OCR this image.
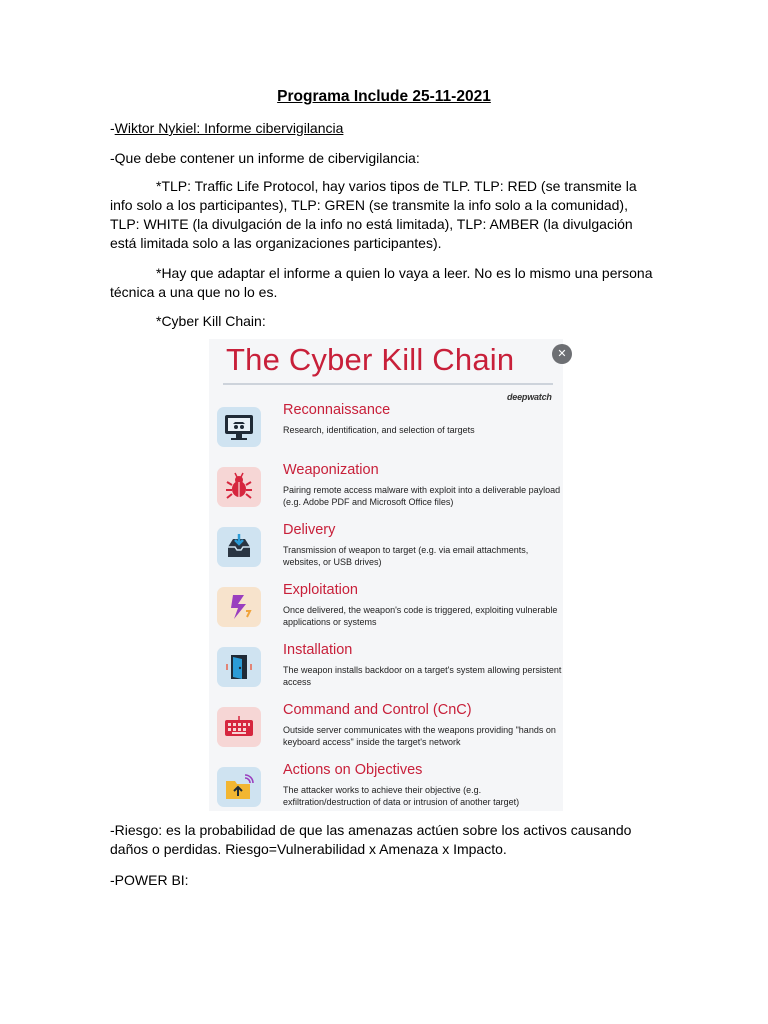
Programa Include 25-11-2021
-Wiktor Nykiel: Informe cibervigilancia
-Que debe contener un informe de cibervigilancia:
*TLP: Traffic Life Protocol, hay varios tipos de TLP. TLP: RED (se transmite la info solo a los participantes), TLP: GREN (se transmite la info solo a la comunidad), TLP: WHITE (la divulgación de la info no está limitada), TLP: AMBER (la divulgación está limitada solo a las organizaciones participantes).
*Hay que adaptar el informe a quien lo vaya a leer. No es lo mismo una persona técnica a una que no lo es.
*Cyber Kill Chain:
The Cyber Kill Chain	✕
deepwatch
Reconnaissance
Research, identification, and selection of targets
Weaponization
Pairing remote access malware with exploit into a deliverable payload (e.g. Adobe PDF and Microsoft Office files)
Delivery
Transmission of weapon to target (e.g. via email attachments, websites, or USB drives)
Exploitation
Once delivered, the weapon's code is triggered, exploiting vulnerable applications or systems
Installation
The weapon installs backdoor on a target's system allowing persistent access
Command and Control (CnC)
Outside server communicates with the weapons providing "hands on keyboard access" inside the target's network
Actions on Objectives
The attacker works to achieve their objective (e.g. exfiltration/destruction of data or intrusion of another target)
-Riesgo: es la probabilidad de que las amenazas actúen sobre los activos causando daños o perdidas. Riesgo=Vulnerabilidad x Amenaza x Impacto.
-POWER BI:
